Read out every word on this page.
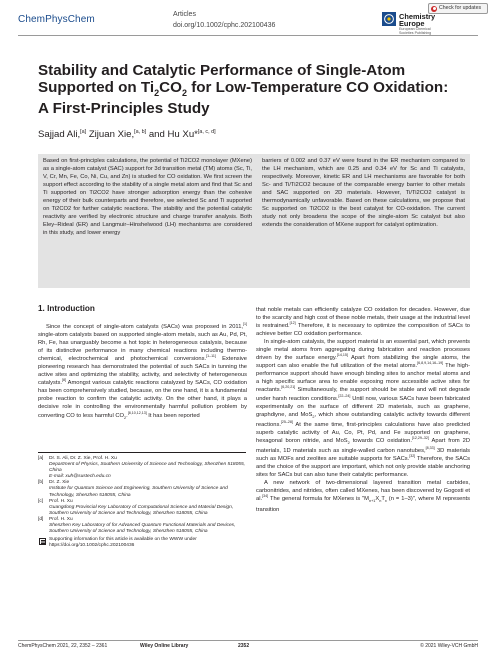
Check for updates
ChemPhysChem	Articles
doi.org/10.1002/cphc.202100436
Chemistry
Europe
European Chemical
Societies Publishing
Stability and Catalytic Performance of Single-Atom
Supported on $Ti_2CO_2$ for Low-Temperature CO Oxidation:
A First-Principles Study
Sajjad Ali,[a] Zijuan Xie,[a, b] and Hu Xu*[a, c, d]
Based on first-principles calculations, the potential of Ti2CO2 monolayer (MXene) as a single-atom catalyst (SAC) support for 3d transition metal (TM) atoms (Sc, Ti, V, Cr, Mn, Fe, Co, Ni, Cu, and Zn) is studied for CO oxidation. We first screen the support effect according to the stability of a single metal atom and find that Sc and Ti supported on Ti2CO2 have stronger adsorption energy than the cohesive energy of their bulk counterparts and therefore, we selected Sc and Ti supported on Ti2CO2 for further catalytic reactions. The stability and the potential catalytic reactivity are verified by electronic structure and charge transfer analysis. Both Eley–Rideal (ER) and Langmuir–Hinshelwood (LH) mechanisms are considered in this study, and lower energy
barriers of 0.002 and 0.37 eV were found in the ER mechanism compared to the LH mechanism, which are 0.25 and 0.34 eV for Sc and Ti catalysts, respectively. Moreover, kinetic ER and LH mechanisms are favorable for both Sc- and Ti/Ti2CO2 because of the comparable energy barrier to other metals and SAC supported on 2D materials. However, Ti/Ti2CO2 catalyst is thermodynamically unfavorable. Based on these calculations, we propose that Sc supported on Ti2CO2 is the best catalyst for CO-oxidation. The current study not only broadens the scope of the single-atom Sc catalyst but also extends the consideration of MXene support for catalyst optimization.
1. Introduction

Since the concept of single-atom catalysts (SACs) was proposed in 2011,[1] single-atom catalysts based on supported single-atom metals, such as Au, Pd, Pt, Rh, Fe, has unarguably become a hot topic in heterogeneous catalysis, because of its distinctive performance in many chemical reactions including thermo-chemical, electrochemical and photochemical conversions.[1–11] Extensive pioneering research has demonstrated the potential of such SACs in tunning the active sites and optimizing the stability, activity, and selectivity of heterogeneous catalysts.[8] Amongst various catalytic reactions catalyzed by SACs, CO oxidation has been comprehensively studied, because, on the one hand, it is a fundamental probe reaction to confirm the catalytic activity. On the other hand, it plays a decisive role in controlling the environmentally harmful pollution problem by converting CO to less harmful $CO_2.[8,10,12,13]$ It has been reported

that noble metals can efficiently catalyze CO oxidation for decades. However, due to the scarcity and high cost of these noble metals, their usage at the industrial level is restrained.[12] Therefore, it is necessary to optimize the composition of SACs to achieve better CO oxidation performance.

In single-atom catalysis, the support material is an essential part, which prevents single metal atoms from aggregating during fabrication and reaction processes driven by the surface energy.[14,15] Apart from stabilizing the single atoms, the support can also enable the full utilization of the metal atoms.[6,8,9,14,16–19] The high-performance support should have enough binding sites to anchor metal atoms and a high specific surface area to enable exposing more accessible active sites for reactants.[6,20,21] Simultaneously, the support should be stable and will not degrade under harsh reaction conditions.[22–24] Until now, various SACs have been fabricated experimentally on the surface of different 2D materials, such as graphene, graphdiyne, and MoS$_2$, which show outstanding catalytic activity towards different reactions.[25–28] At the same time, first-principles calculations have also predicted superb catalytic activity of Au, Co, Pt, Pd, and Fe supported on graphene, hexagonal boron nitride, and MoS$_2$ towards CO oxidation.[12,29–32] Apart from 2D materials, 1D materials such as single-walled carbon nanotubes,[8,33] 3D materials such as MOFs and zeolites are suitable supports for SACs.[32] Therefore, the SACs and the choice of the support are important, which not only provide stable anchoring sites for SACs but can also tune their catalytic performance.

A new network of two-dimensional layered transition metal carbides, carbonitrides, and nitrides, often called MXenes, has been discovered by Gogosti et al.[34] The general formula for MXenes is "$M_{n+1}X_nT_x$ (n = 1–3)", where M represents transition

[a]	Dr. S. Ali, Dr. Z. Xie, Prof. H. Xu
Department of Physics, Southern University of Science and Technology, Shenzhen 518055, China
E-mail: xuh@sustech.edu.cn
[b]	Dr. Z. Xie
Institute for Quantum Science and Engineering, Southern University of Science and Technology, Shenzhen 518055, China
[c]	Prof. H. Xu
Guangdong Provincial Key Laboratory of Computational Science and Material Design, Southern University of Science and Technology, Shenzhen 518055, China
[d]	Prof. H. Xu
Shenzhen Key Laboratory of for Advanced Quantum Functional Materials and Devices, Southern University of Science and Technology, Shenzhen 518055, China
Supporting information for this article is available on the WWW under https://doi.org/10.1002/cphc.202100436
ChemPhysChem 2021, 22, 2352 – 2361	Wiley Online Library	2352	© 2021 Wiley-VCH GmbH
